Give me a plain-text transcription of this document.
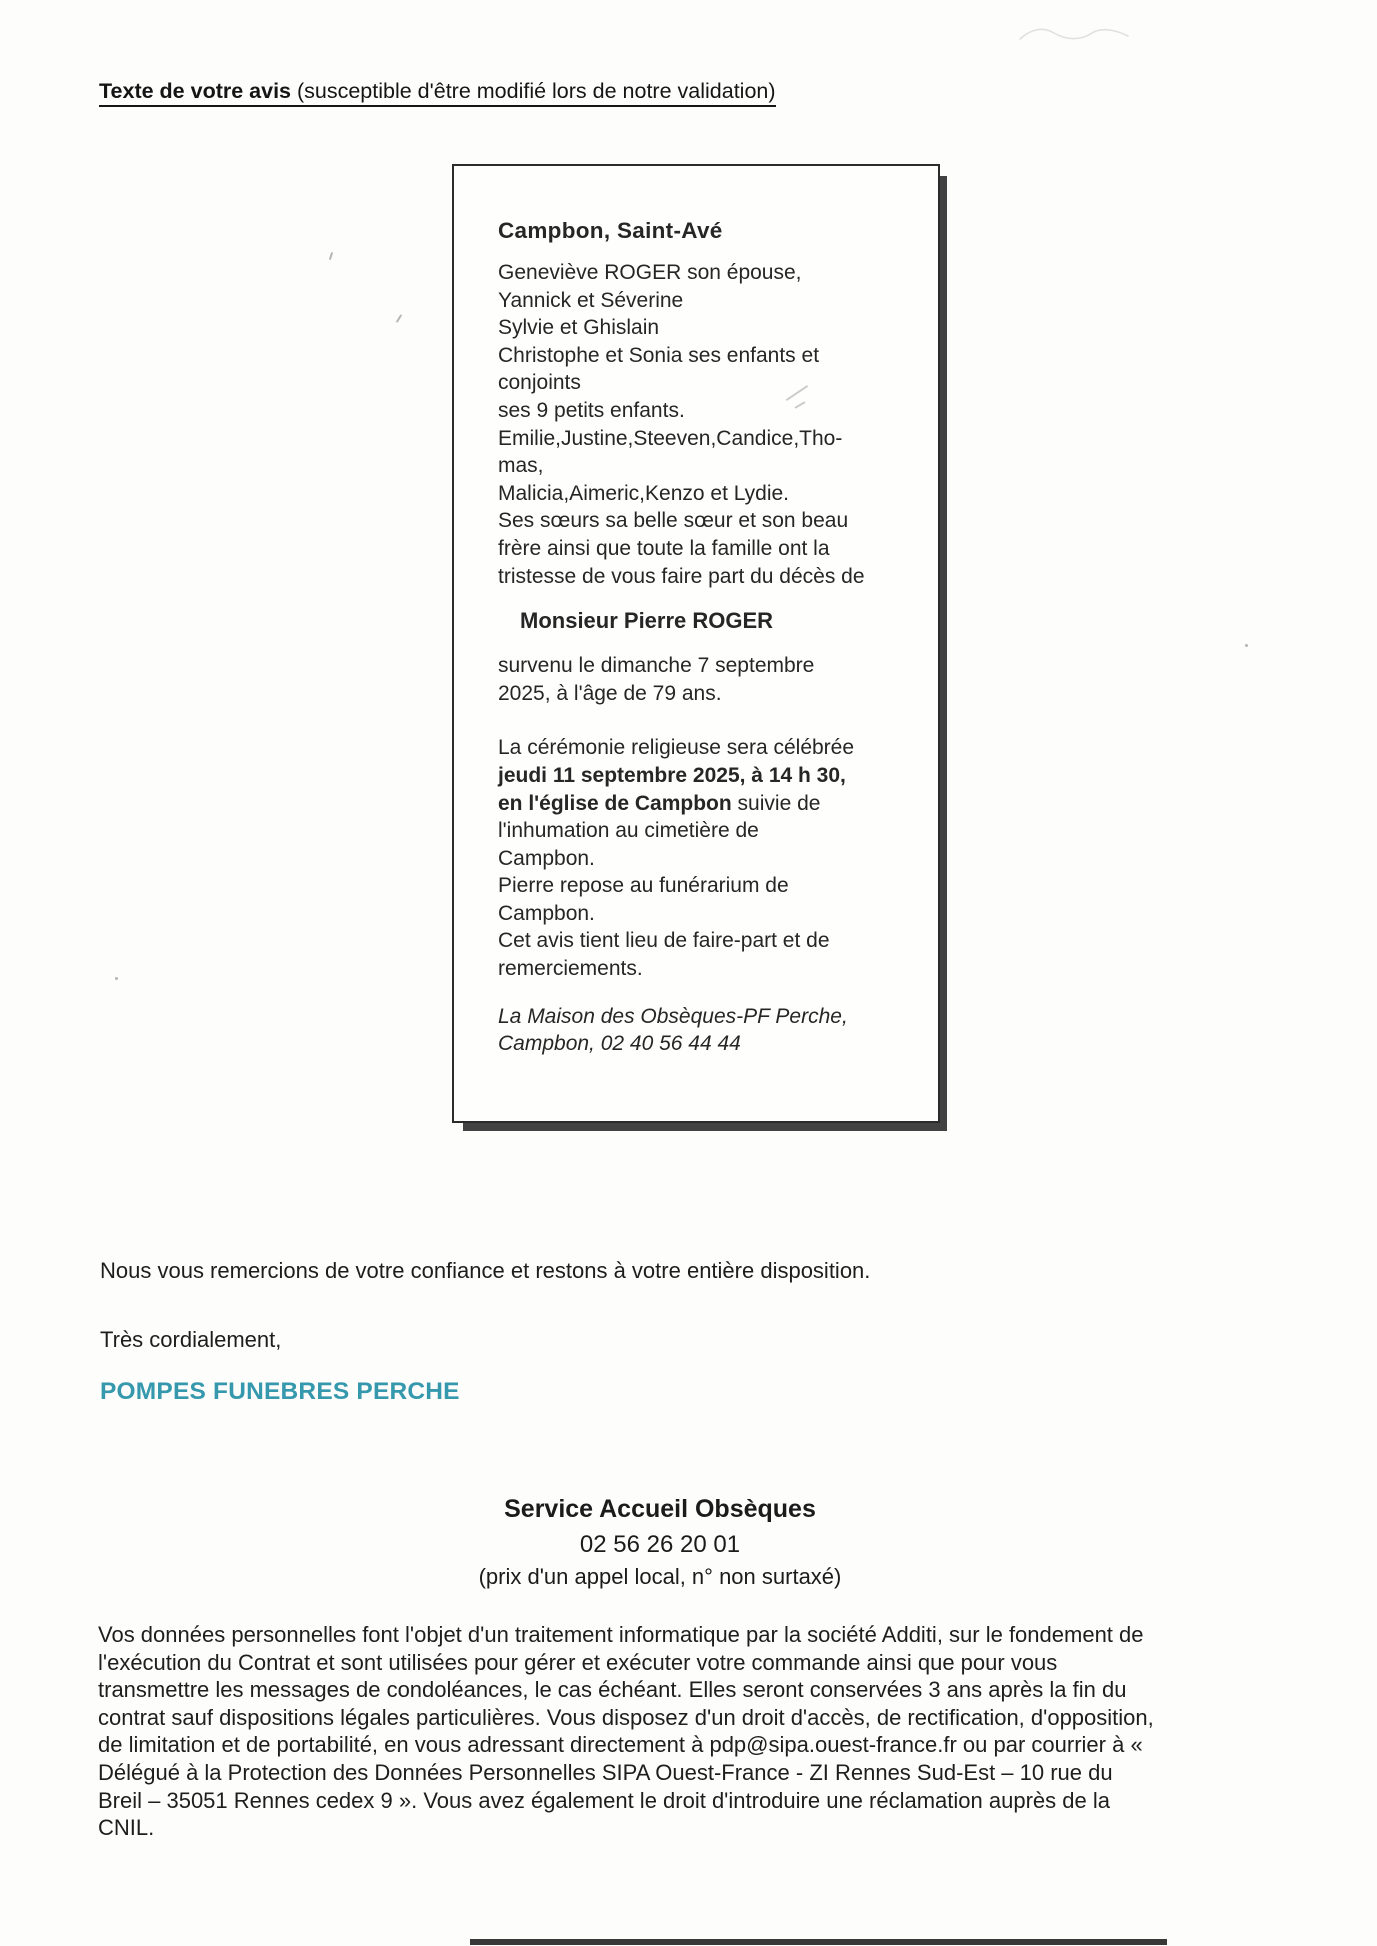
Texte de votre avis (susceptible d'être modifié lors de notre validation)
Campbon, Saint-Avé
Geneviève ROGER son épouse,
Yannick et Séverine
Sylvie et Ghislain
Christophe et Sonia ses enfants et
conjoints
ses 9 petits enfants.
Emilie,Justine,Steeven,Candice,Tho-
mas,
Malicia,Aimeric,Kenzo et Lydie.
Ses sœurs sa belle sœur et son beau
frère ainsi que toute la famille ont la
tristesse de vous faire part du décès de
Monsieur Pierre ROGER
survenu le dimanche 7 septembre
2025, à l'âge de 79 ans.
La cérémonie religieuse sera célébrée
jeudi 11 septembre 2025, à 14 h 30,
en l'église de Campbon suivie de
l'inhumation au cimetière de
Campbon.
Pierre repose au funérarium de
Campbon.
Cet avis tient lieu de faire-part et de
remerciements.
La Maison des Obsèques-PF Perche,
Campbon, 02 40 56 44 44
Nous vous remercions de votre confiance et restons à votre entière disposition.
Très cordialement,
POMPES FUNEBRES PERCHE
Service Accueil Obsèques
02 56 26 20 01
(prix d'un appel local, n° non surtaxé)
Vos données personnelles font l'objet d'un traitement informatique par la société Additi, sur le fondement de
l'exécution du Contrat et sont utilisées pour gérer et exécuter votre commande ainsi que pour vous
transmettre les messages de condoléances, le cas échéant. Elles seront conservées 3 ans après la fin du
contrat sauf dispositions légales particulières. Vous disposez d'un droit d'accès, de rectification, d'opposition,
de limitation et de portabilité, en vous adressant directement à pdp@sipa.ouest-france.fr ou par courrier à «
Délégué à la Protection des Données Personnelles SIPA Ouest-France - ZI Rennes Sud-Est – 10 rue du
Breil – 35051 Rennes cedex 9 ». Vous avez également le droit d'introduire une réclamation auprès de la
CNIL.
